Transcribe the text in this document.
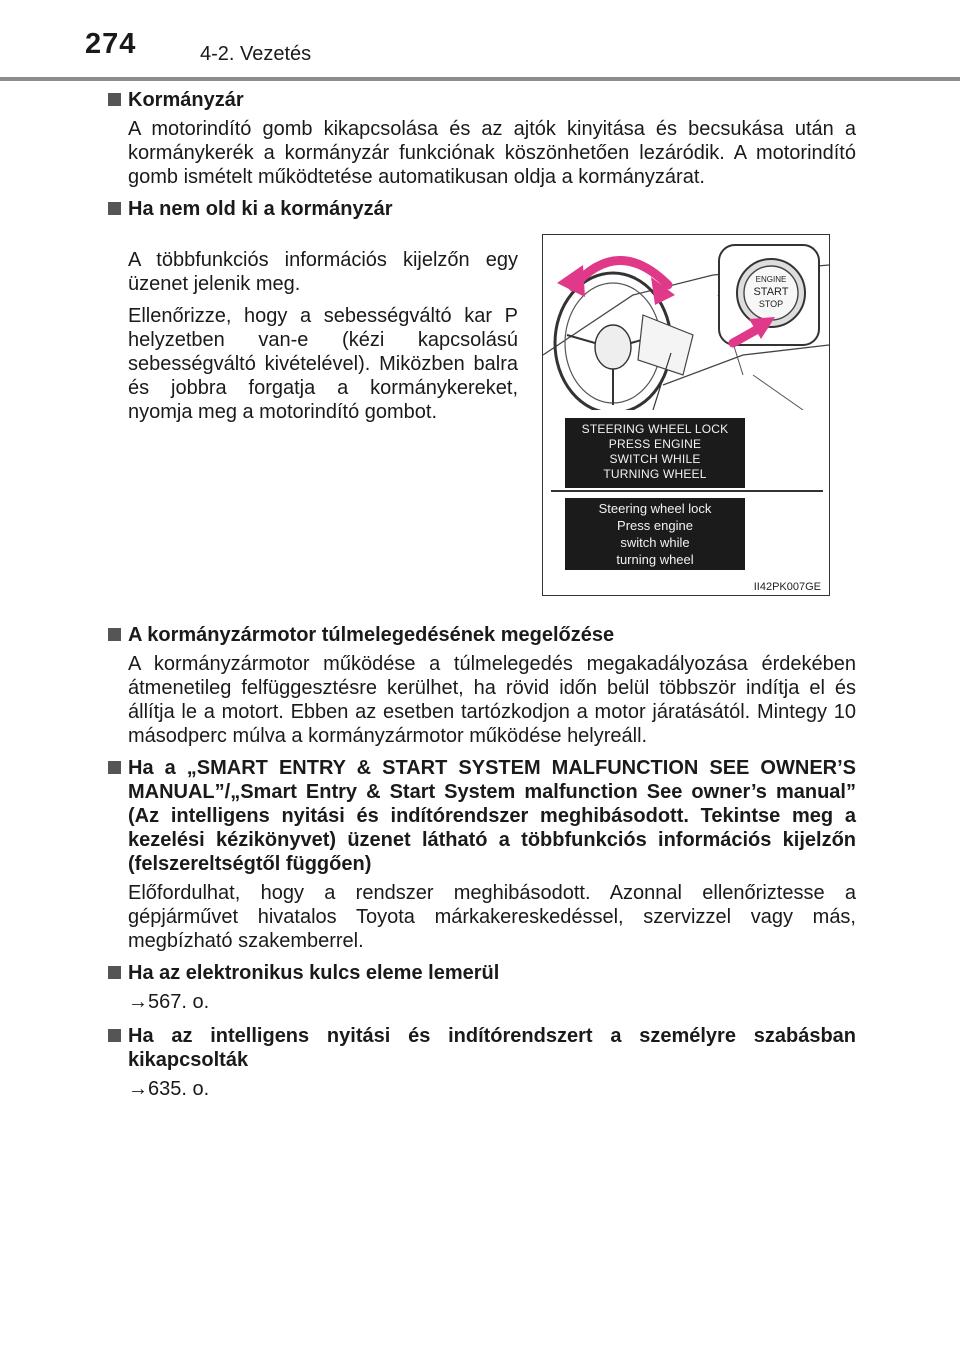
274	4-2. Vezetés
Kormányzár

A motorindító gomb kikapcsolása és az ajtók kinyitása és becsukása után a kormánykerék a kormányzár funkciónak köszönhetően lezáródik. A motorindító gomb ismételt működtetése automatikusan oldja a kormányzárat.

Ha nem old ki a kormányzár

A többfunkciós információs kijelzőn egy üzenet jelenik meg.

Ellenőrizze, hogy a sebességváltó kar P helyzetben van-e (kézi kapcsolású sebességváltó kivételével). Miközben balra és jobbra forgatja a kormánykereket, nyomja meg a motorindító gombot.

ENGINE
START
STOP
STEERING WHEEL LOCK
PRESS ENGINE
SWITCH WHILE
TURNING WHEEL
Steering wheel lock
Press engine
switch while
turning wheel
II42PK007GE
A kormányzármotor túlmelegedésének megelőzése

A kormányzármotor működése a túlmelegedés megakadályozása érdekében átmenetileg felfüggesztésre kerülhet, ha rövid időn belül többször indítja el és állítja le a motort. Ebben az esetben tartózkodjon a motor járatásától. Mintegy 10 másodperc múlva a kormányzármotor működése helyreáll.

Ha a „SMART ENTRY & START SYSTEM MALFUNCTION SEE OWNER’S MANUAL”/„Smart Entry & Start System malfunction See owner’s manual” (Az intelligens nyitási és indítórendszer meghibásodott. Tekintse meg a kezelési kézikönyvet) üzenet látható a többfunkciós információs kijelzőn (felszereltségtől függően)

Előfordulhat, hogy a rendszer meghibásodott. Azonnal ellenőriztesse a gépjárművet hivatalos Toyota márkakereskedéssel, szervizzel vagy más, megbízható szakemberrel.

Ha az elektronikus kulcs eleme lemerül
→567. o.
Ha az intelligens nyitási és indítórendszert a személyre szabásban kikapcsolták
→635. o.
